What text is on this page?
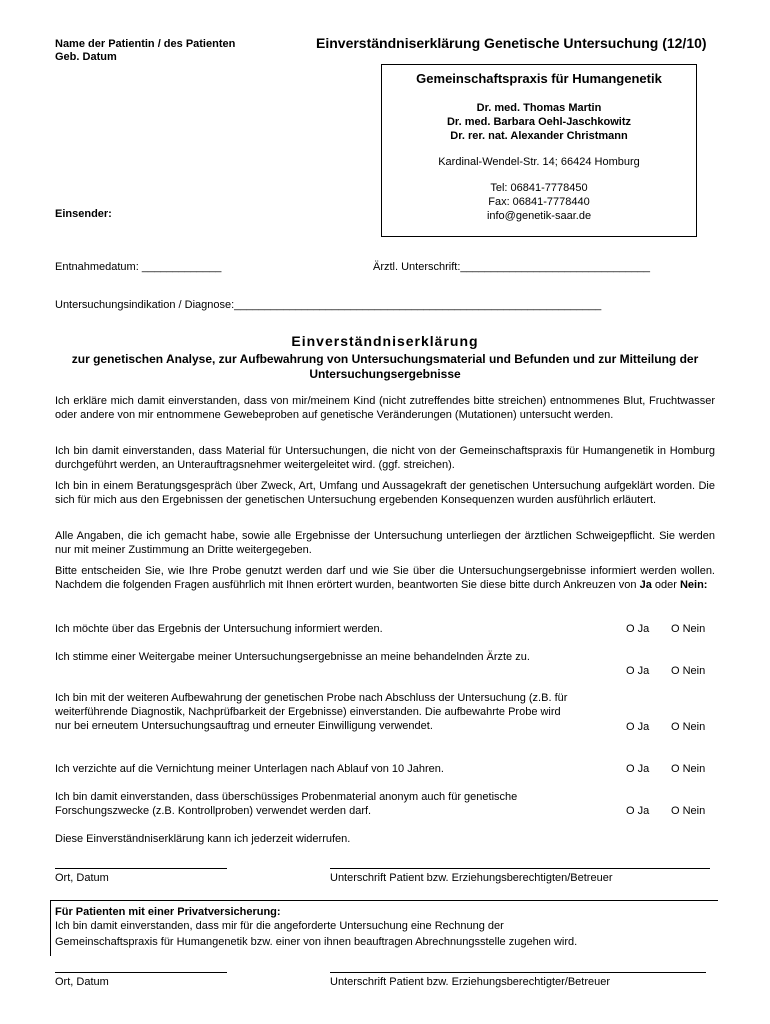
Name der Patientin / des Patienten
Geb. Datum
Einverständniserklärung Genetische Untersuchung (12/10)
Gemeinschaftspraxis für Humangenetik
Dr. med. Thomas Martin
Dr. med. Barbara Oehl-Jaschkowitz
Dr. rer. nat. Alexander Christmann
Kardinal-Wendel-Str. 14; 66424 Homburg
Tel: 06841-7778450
Fax: 06841-7778440
info@genetik-saar.de
Einsender:
Entnahmedatum: _____________	Ärztl. Unterschrift:_______________________________
Untersuchungsindikation / Diagnose:____________________________________________________________
Einverständniserklärung
zur genetischen Analyse, zur Aufbewahrung von Untersuchungsmaterial und Befunden und zur Mitteilung der Untersuchungsergebnisse
Ich erkläre mich damit einverstanden, dass von mir/meinem Kind (nicht zutreffendes bitte streichen) entnommenes Blut, Fruchtwasser oder andere von mir entnommene Gewebeproben auf genetische Veränderungen (Mutationen) untersucht werden.
Ich bin damit einverstanden, dass Material für Untersuchungen, die nicht von der Gemeinschaftspraxis für Humangenetik in Homburg durchgeführt werden, an Unterauftragsnehmer weitergeleitet wird. (ggf. streichen).
Ich bin in einem Beratungsgespräch über Zweck, Art, Umfang und Aussagekraft der genetischen Untersuchung aufgeklärt worden. Die sich für mich aus den Ergebnissen der genetischen Untersuchung ergebenden Konsequenzen wurden ausführlich erläutert.
Alle Angaben, die ich gemacht habe, sowie alle Ergebnisse der Untersuchung unterliegen der ärztlichen Schweigepflicht. Sie werden nur mit meiner Zustimmung an Dritte weitergegeben.
Bitte entscheiden Sie, wie Ihre Probe genutzt werden darf und wie Sie über die Untersuchungsergebnisse informiert werden wollen. Nachdem die folgenden Fragen ausführlich mit Ihnen erörtert wurden, beantworten Sie diese bitte durch Ankreuzen von Ja oder Nein:
Ich möchte über das Ergebnis der Untersuchung informiert werden.	O Ja O Nein
Ich stimme einer Weitergabe meiner Untersuchungsergebnisse an meine behandelnden Ärzte zu.
O Ja O Nein
Ich bin mit der weiteren Aufbewahrung der genetischen Probe nach Abschluss der Untersuchung (z.B. für weiterführende Diagnostik, Nachprüfbarkeit der Ergebnisse) einverstanden. Die aufbewahrte Probe wird nur bei erneutem Untersuchungsauftrag und erneuter Einwilligung verwendet.	O Ja O Nein
Ich verzichte auf die Vernichtung meiner Unterlagen nach Ablauf von 10 Jahren.	O Ja O Nein
Ich bin damit einverstanden, dass überschüssiges Probenmaterial anonym auch für genetische Forschungszwecke (z.B. Kontrollproben) verwendet werden darf.	O Ja O Nein
Diese Einverständniserklärung kann ich jederzeit widerrufen.
Ort, Datum	Unterschrift Patient bzw. Erziehungsberechtigten/Betreuer
Für Patienten mit einer Privatversicherung:
Ich bin damit einverstanden, dass mir für die angeforderte Untersuchung eine Rechnung der
Gemeinschaftspraxis für Humangenetik bzw. einer von ihnen beauftragen Abrechnungsstelle zugehen wird.
Ort, Datum	Unterschrift Patient bzw. Erziehungsberechtigter/Betreuer
